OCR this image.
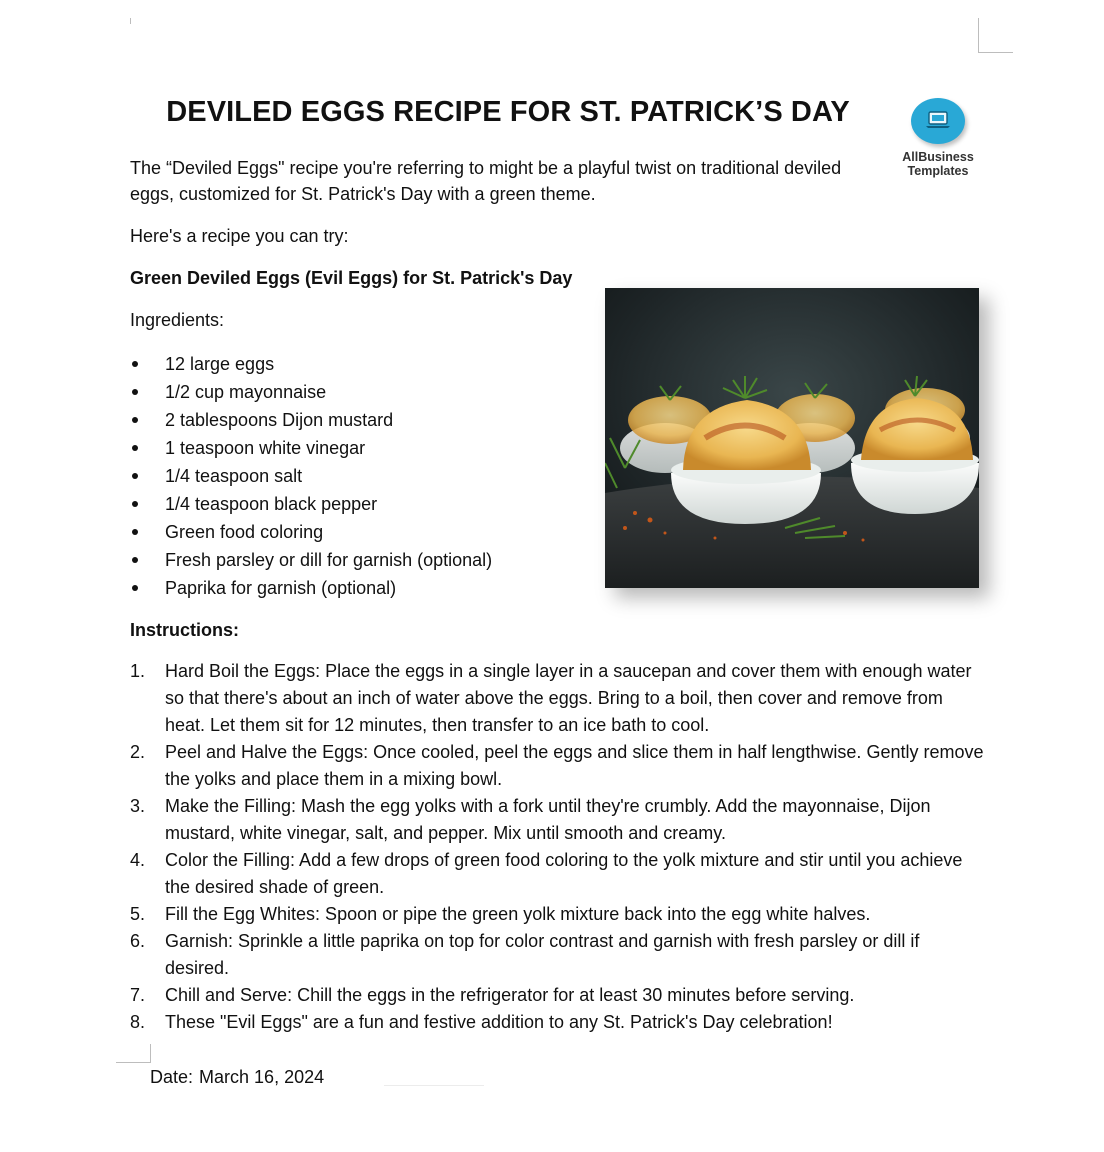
DEVILED EGGS RECIPE FOR ST. PATRICK’S DAY
AllBusiness
Templates

The “Deviled Eggs" recipe you're referring to might be a playful twist on traditional deviled eggs, customized for St. Patrick's Day with a green theme.

Here's a recipe you can try:

Green Deviled Eggs (Evil Eggs) for St. Patrick's Day

Ingredients:

12 large eggs
1/2 cup mayonnaise
2 tablespoons Dijon mustard
1 teaspoon white vinegar
1/4 teaspoon salt
1/4 teaspoon black pepper
Green food coloring
Fresh parsley or dill for garnish (optional)
Paprika for garnish (optional)
Instructions:
1. Hard Boil the Eggs: Place the eggs in a single layer in a saucepan and cover them with enough water so that there's about an inch of water above the eggs. Bring to a boil, then cover and remove from heat. Let them sit for 12 minutes, then transfer to an ice bath to cool.
2. Peel and Halve the Eggs: Once cooled, peel the eggs and slice them in half lengthwise. Gently remove the yolks and place them in a mixing bowl.
3. Make the Filling: Mash the egg yolks with a fork until they're crumbly. Add the mayonnaise, Dijon mustard, white vinegar, salt, and pepper. Mix until smooth and creamy.
4. Color the Filling: Add a few drops of green food coloring to the yolk mixture and stir until you achieve the desired shade of green.
5. Fill the Egg Whites: Spoon or pipe the green yolk mixture back into the egg white halves.
6. Garnish: Sprinkle a little paprika on top for color contrast and garnish with fresh parsley or dill if desired.
7. Chill and Serve: Chill the eggs in the refrigerator for at least 30 minutes before serving.
8. These "Evil Eggs" are a fun and festive addition to any St. Patrick's Day celebration!
Date: March 16, 2024
